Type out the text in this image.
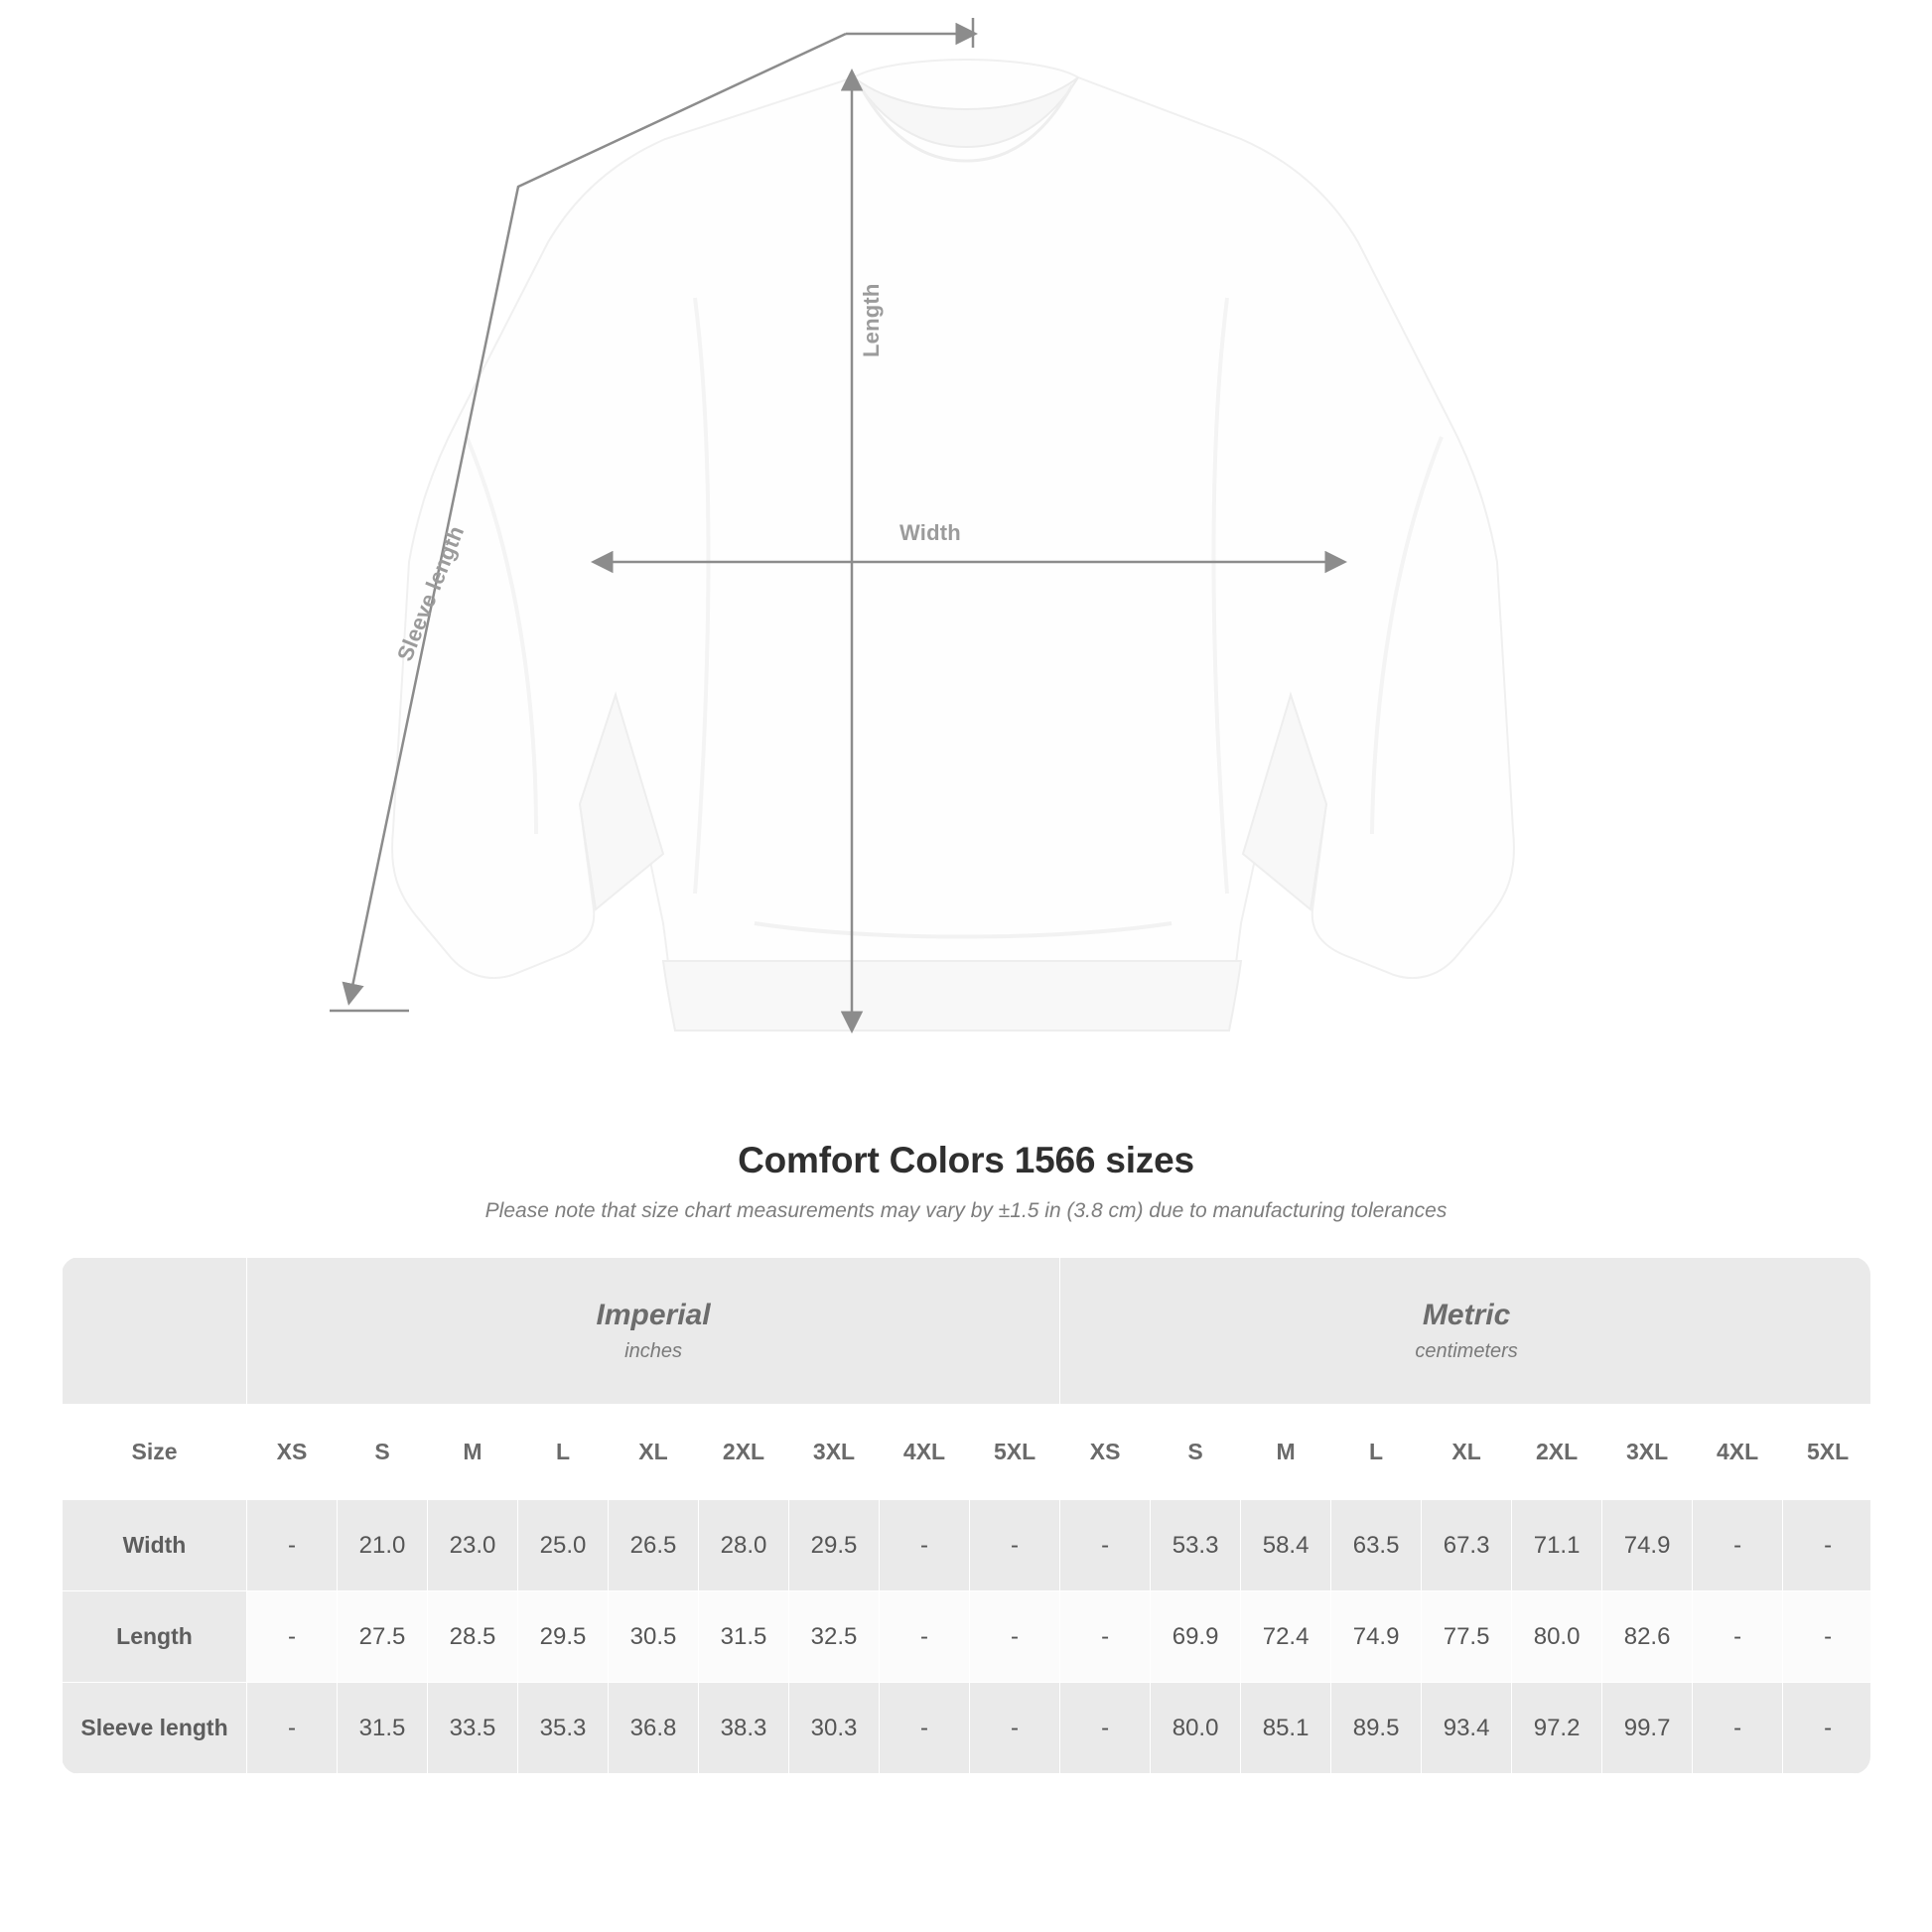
Length
Width
Sleeve length
Comfort Colors 1566 sizes
Please note that size chart measurements may vary by ±1.5 in (3.8 cm) due to manufacturing tolerances

Imperial
inches

Metric
centimeters

Size	XS	S	M	L	XL	2XL	3XL	4XL	5XL	XS	S	M	L	XL	2XL	3XL	4XL	5XL
Width	-	21.0	23.0	25.0	26.5	28.0	29.5	-	-	-	53.3	58.4	63.5	67.3	71.1	74.9	-	-
Length	-	27.5	28.5	29.5	30.5	31.5	32.5	-	-	-	69.9	72.4	74.9	77.5	80.0	82.6	-	-
Sleeve length	-	31.5	33.5	35.3	36.8	38.3	30.3	-	-	-	80.0	85.1	89.5	93.4	97.2	99.7	-	-
